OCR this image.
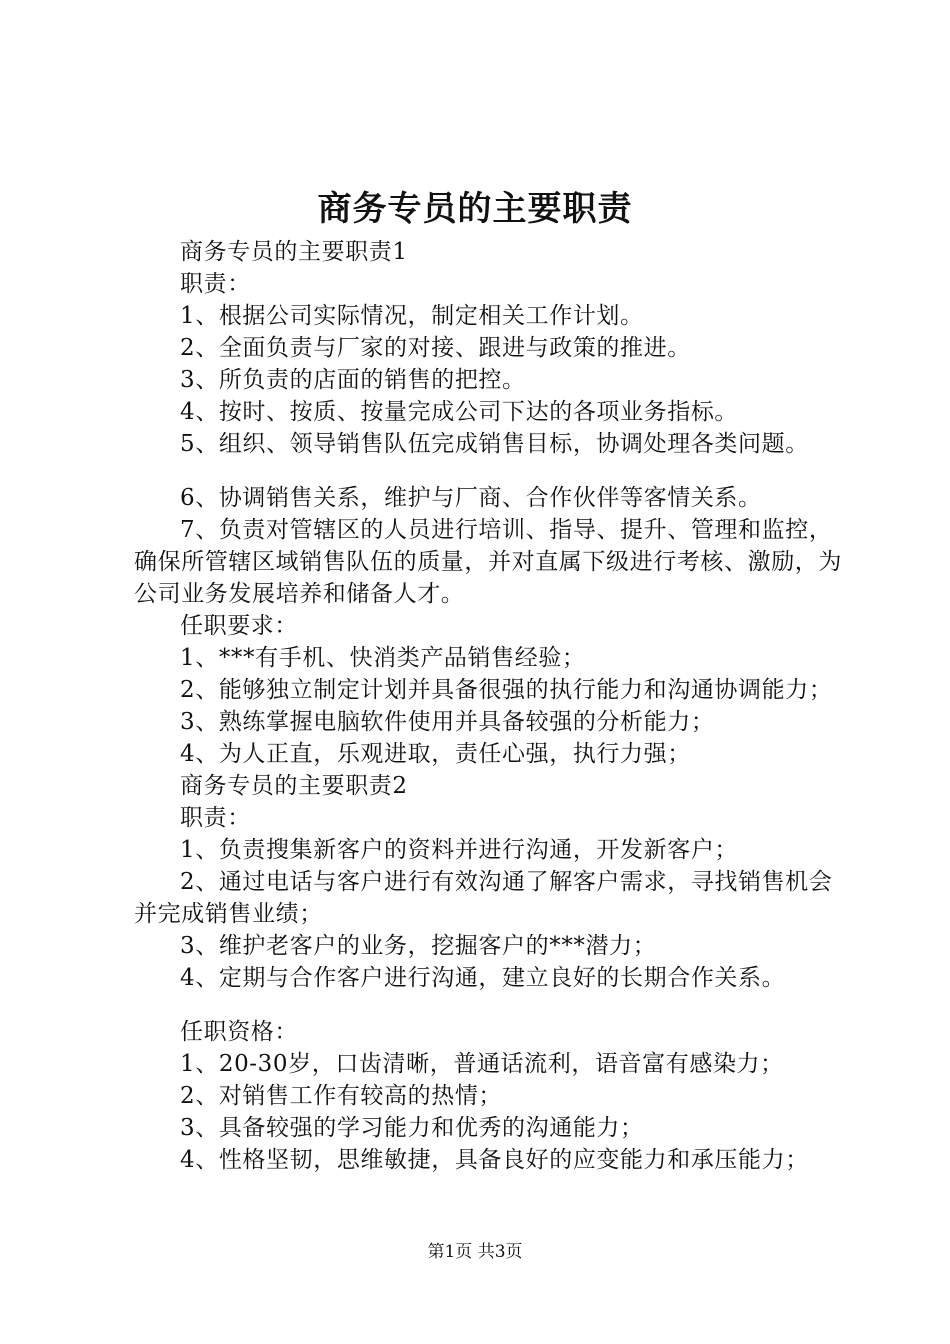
商务专员的主要职责

商务专员的主要职责1

职责：

1、根据公司实际情况，制定相关工作计划。

2、全面负责与厂家的对接、跟进与政策的推进。

3、所负责的店面的销售的把控。

4、按时、按质、按量完成公司下达的各项业务指标。

5、组织、领导销售队伍完成销售目标，协调处理各类问题。

6、协调销售关系，维护与厂商、合作伙伴等客情关系。

7、负责对管辖区的人员进行培训、指导、提升、管理和监控，确保所管辖区域销售队伍的质量，并对直属下级进行考核、激励，为公司业务发展培养和储备人才。

任职要求：

1、***有手机、快消类产品销售经验；

2、能够独立制定计划并具备很强的执行能力和沟通协调能力；

3、熟练掌握电脑软件使用并具备较强的分析能力；

4、为人正直，乐观进取，责任心强，执行力强；

商务专员的主要职责2

职责：

1、负责搜集新客户的资料并进行沟通，开发新客户；

2、通过电话与客户进行有效沟通了解客户需求，寻找销售机会并完成销售业绩；

3、维护老客户的业务，挖掘客户的***潜力；

4、定期与合作客户进行沟通，建立良好的长期合作关系。

任职资格：

1、20-30岁，口齿清晰，普通话流利，语音富有感染力；

2、对销售工作有较高的热情；

3、具备较强的学习能力和优秀的沟通能力；

4、性格坚韧，思维敏捷，具备良好的应变能力和承压能力；

第1页 共3页
